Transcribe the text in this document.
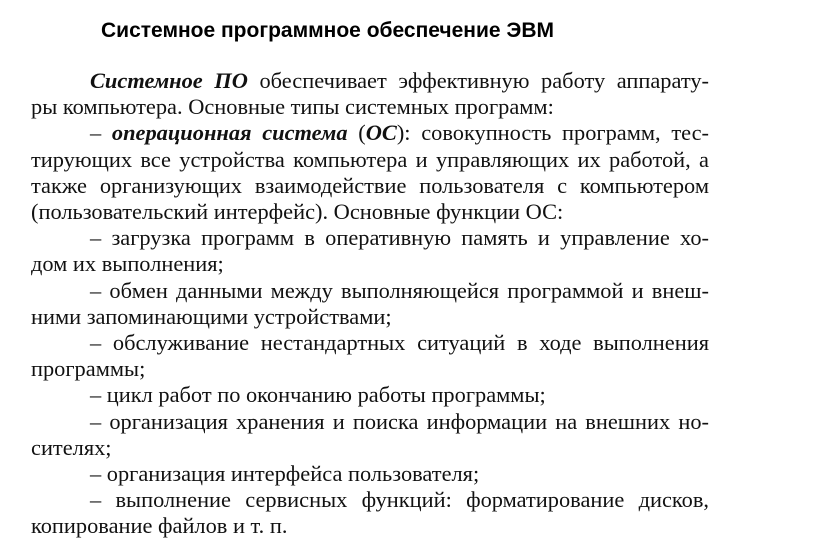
Системное программное обеспечение ЭВМ
Системное ПО обеспечивает эффективную работу аппарату-
ры компьютера. Основные типы системных программ:
– операционная система (ОС): совокупность программ, тес-
тирующих все устройства компьютера и управляющих их работой, а
также организующих взаимодействие пользователя с компьютером
(пользовательский интерфейс). Основные функции ОС:
– загрузка программ в оперативную память и управление хо-
дом их выполнения;
– обмен данными между выполняющейся программой и внеш-
ними запоминающими устройствами;
– обслуживание нестандартных ситуаций в ходе выполнения
программы;
– цикл работ по окончанию работы программы;
– организация хранения и поиска информации на внешних но-
сителях;
– организация интерфейса пользователя;
– выполнение сервисных функций: форматирование дисков,
копирование файлов и т. п.
